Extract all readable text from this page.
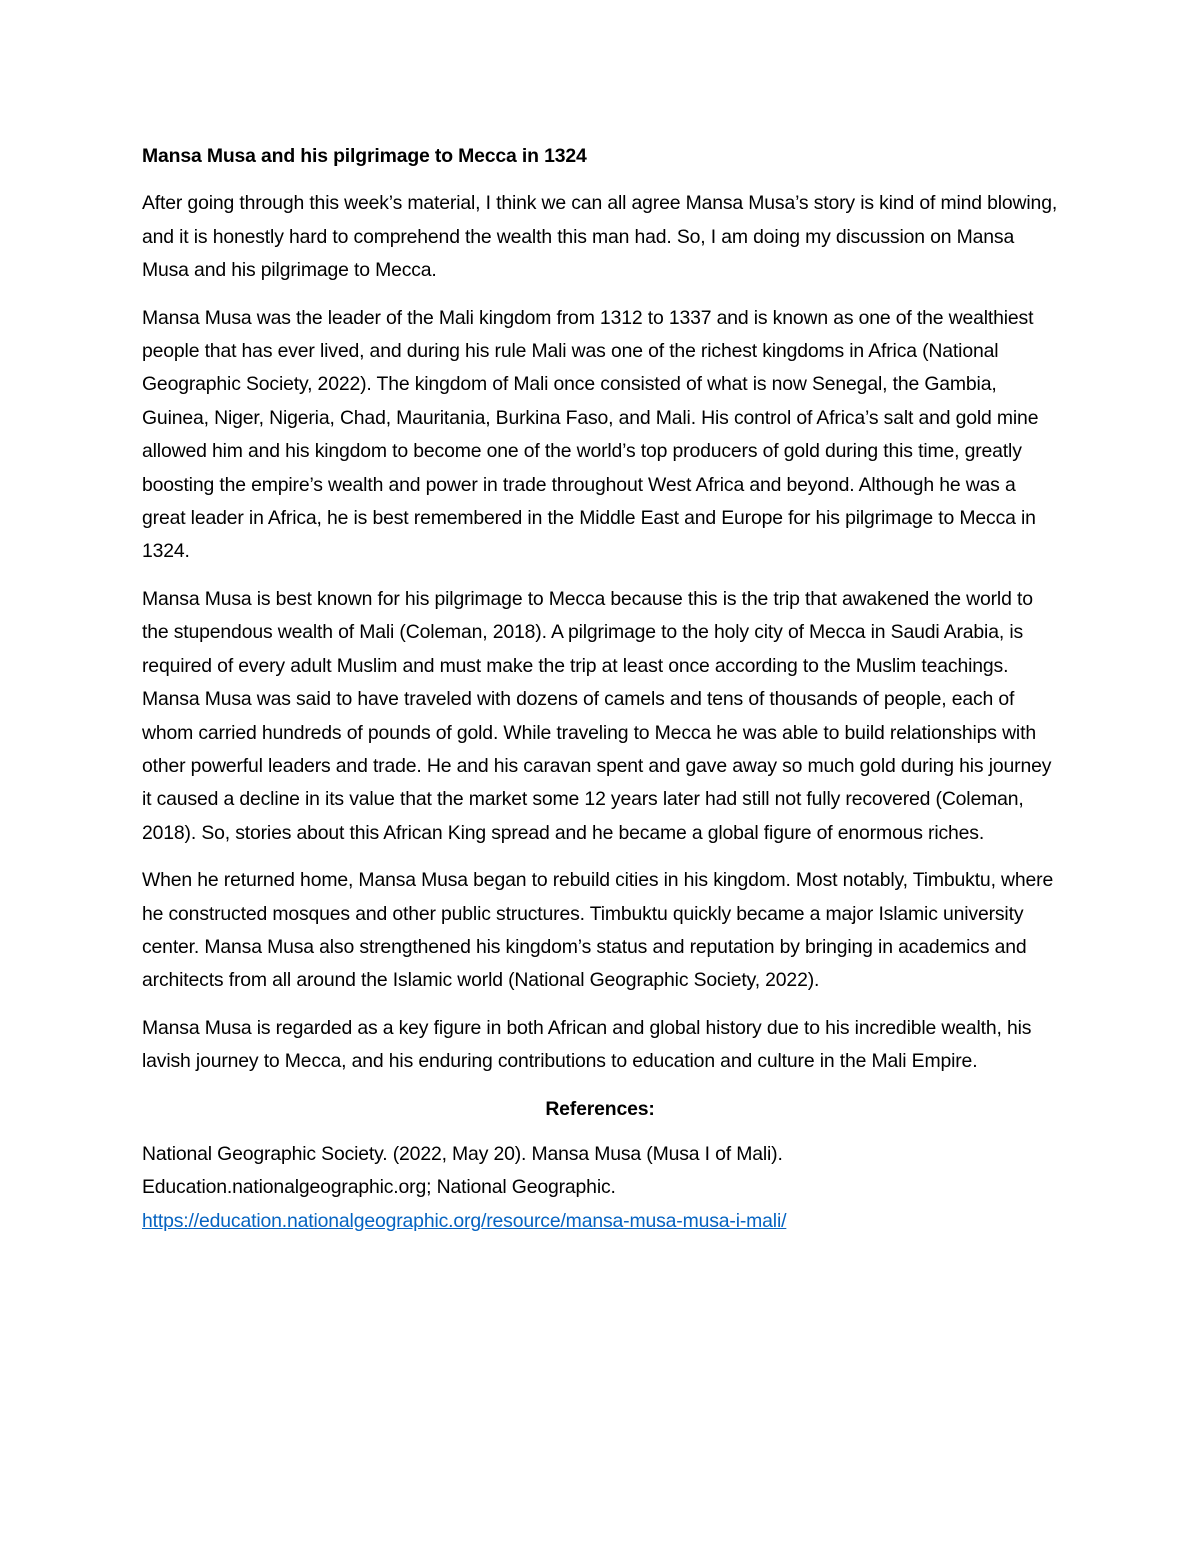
Mansa Musa and his pilgrimage to Mecca in 1324

After going through this week’s material, I think we can all agree Mansa Musa’s story is kind of mind blowing, and it is honestly hard to comprehend the wealth this man had. So, I am doing my discussion on Mansa Musa and his pilgrimage to Mecca.

Mansa Musa was the leader of the Mali kingdom from 1312 to 1337 and is known as one of the wealthiest people that has ever lived, and during his rule Mali was one of the richest kingdoms in Africa (National Geographic Society, 2022). The kingdom of Mali once consisted of what is now Senegal, the Gambia, Guinea, Niger, Nigeria, Chad, Mauritania, Burkina Faso, and Mali. His control of Africa’s salt and gold mine allowed him and his kingdom to become one of the world’s top producers of gold during this time, greatly boosting the empire’s wealth and power in trade throughout West Africa and beyond. Although he was a great leader in Africa, he is best remembered in the Middle East and Europe for his pilgrimage to Mecca in 1324.

Mansa Musa is best known for his pilgrimage to Mecca because this is the trip that awakened the world to the stupendous wealth of Mali (Coleman, 2018). A pilgrimage to the holy city of Mecca in Saudi Arabia, is required of every adult Muslim and must make the trip at least once according to the Muslim teachings. Mansa Musa was said to have traveled with dozens of camels and tens of thousands of people, each of whom carried hundreds of pounds of gold. While traveling to Mecca he was able to build relationships with other powerful leaders and trade. He and his caravan spent and gave away so much gold during his journey it caused a decline in its value that the market some 12 years later had still not fully recovered (Coleman, 2018). So, stories about this African King spread and he became a global figure of enormous riches.

When he returned home, Mansa Musa began to rebuild cities in his kingdom. Most notably, Timbuktu, where he constructed mosques and other public structures. Timbuktu quickly became a major Islamic university center. Mansa Musa also strengthened his kingdom’s status and reputation by bringing in academics and architects from all around the Islamic world (National Geographic Society, 2022).

Mansa Musa is regarded as a key figure in both African and global history due to his incredible wealth, his lavish journey to Mecca, and his enduring contributions to education and culture in the Mali Empire.

References:

National Geographic Society. (2022, May 20). Mansa Musa (Musa I of Mali). Education.nationalgeographic.org; National Geographic.
https://education.nationalgeographic.org/resource/mansa-musa-musa-i-mali/
